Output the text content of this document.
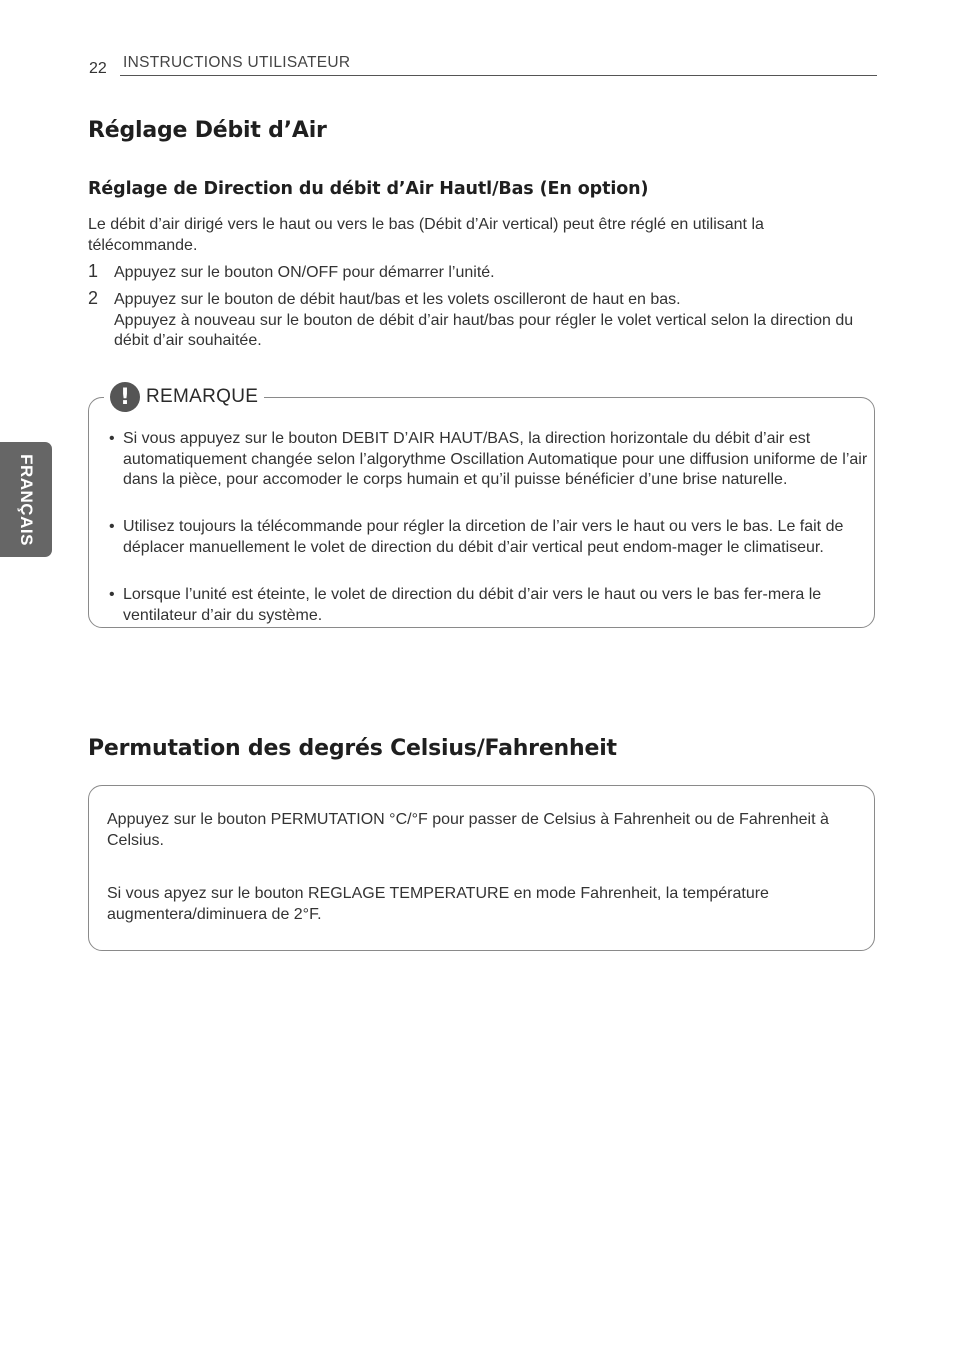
22 INSTRUCTIONS UTILISATEUR
FRANÇAIS
Réglage Débit d’Air
Réglage de Direction du débit d’Air Hautl/Bas (En option)

Le débit d’air dirigé vers le haut ou vers le bas (Débit d’Air vertical) peut être réglé en utilisant la télécommande.

1 Appuyez sur le bouton ON/OFF pour démarrer l’unité.
2 Appuyez sur le bouton de débit haut/bas et les volets oscilleront de haut en bas.
Appuyez à nouveau sur le bouton de débit d’air haut/bas pour régler le volet vertical selon la direction du débit d’air souhaitée.
! REMARQUE
• Si vous appuyez sur le bouton DEBIT D’AIR HAUT/BAS, la direction horizontale du débit d’air est automatiquement changée selon l’algorythme Oscillation Automatique pour une diffusion uniforme de l’air dans la pièce, pour accomoder le corps humain et qu’il puisse bénéficier d’une brise naturelle.
• Utilisez toujours la télécommande pour régler la dircetion de l’air vers le haut ou vers le bas. Le fait de déplacer manuellement le volet de direction du débit d’air vertical peut endom-mager le climatiseur.
• Lorsque l’unité est éteinte, le volet de direction du débit d’air vers le haut ou vers le bas fer-mera le ventilateur d’air du système.
Permutation des degrés Celsius/Fahrenheit

Appuyez sur le bouton PERMUTATION °C/°F pour passer de Celsius à Fahrenheit ou de Fahrenheit à Celsius.

Si vous apyez sur le bouton REGLAGE TEMPERATURE en mode Fahrenheit, la température augmentera/diminuera de 2°F.
